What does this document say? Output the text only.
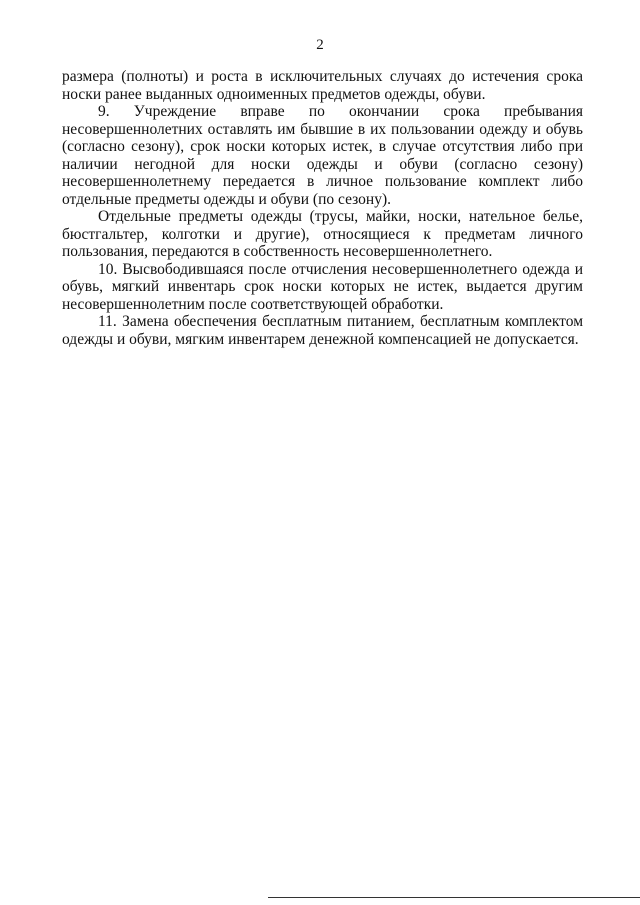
2

размера (полноты) и роста в исключительных случаях до истечения срока носки ранее выданных одноименных предметов одежды, обуви.

9. Учреждение вправе по окончании срока пребывания несовершеннолетних оставлять им бывшие в их пользовании одежду и обувь (согласно сезону), срок носки которых истек, в случае отсутствия либо при наличии негодной для носки одежды и обуви (согласно сезону) несовершеннолетнему передается в личное пользование комплект либо отдельные предметы одежды и обуви (по сезону).

Отдельные предметы одежды (трусы, майки, носки, нательное белье, бюстгальтер, колготки и другие), относящиеся к предметам личного пользования, передаются в собственность несовершеннолетнего.

10. Высвободившаяся после отчисления несовершеннолетнего одежда и обувь, мягкий инвентарь срок носки которых не истек, выдается другим несовершеннолетним после соответствующей обработки.

11. Замена обеспечения бесплатным питанием, бесплатным комплектом одежды и обуви, мягким инвентарем денежной компенсацией не допускается.
